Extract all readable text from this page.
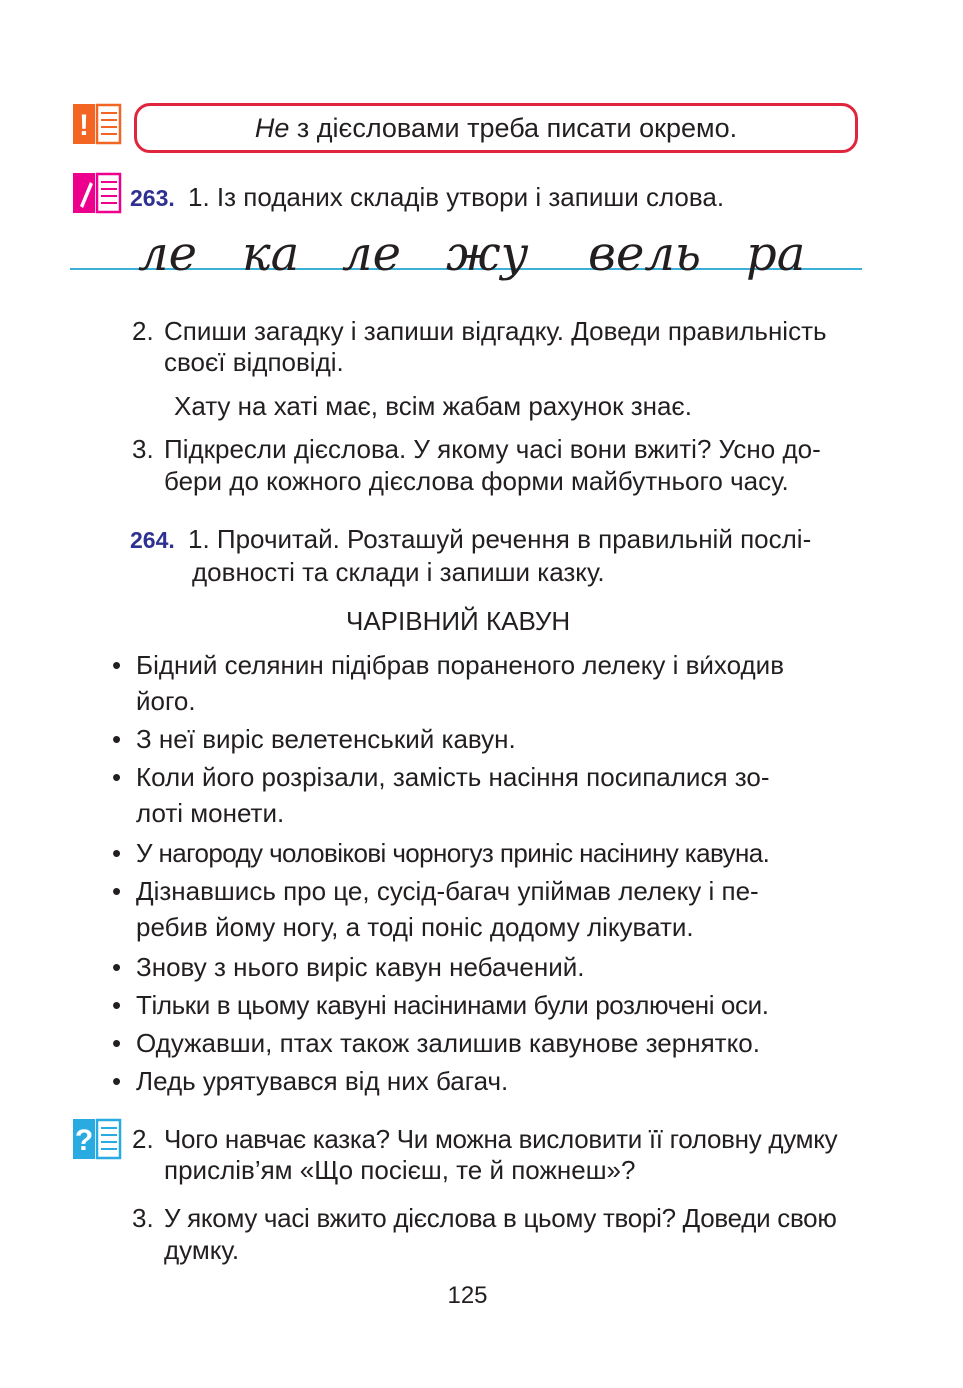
!	Не з дієсловами треба писати окремо.
263. 1. Із поданих складів утвори і запиши слова.
ле ка ле жу вель ра
2. Спиши загадку і запиши відгадку. Доведи правильність
своєї відповіді.
Хату на хаті має, всім жабам рахунок знає.
3. Підкресли дієслова. У якому часі вони вжиті? Усно до-
бери до кожного дієслова форми майбутнього часу.
264. 1. Прочитай. Розташуй речення в правильній послі-
довності та склади і запиши казку.
ЧАРІВНИЙ КАВУН
• Бідний селянин підібрав пораненого лелеку і ви́ходив
його.
• З неї виріс велетенський кавун.
• Коли його розрізали, замість насіння посипалися зо-
лоті монети.
• У нагороду чоловікові чорногуз приніс насінину кавуна.
• Дізнавшись про це, сусід-багач упіймав лелеку і пе-
ребив йому ногу, а тоді поніс додому лікувати.
• Знову з нього виріс кавун небачений.
• Тільки в цьому кавуні насінинами були розлючені оси.
• Одужавши, птах також залишив кавунове зернятко.
• Ледь урятувався від них багач.
? 2. Чого навчає казка? Чи можна висловити її головну думку
прислів’ям «Що посієш, те й пожнеш»?
3. У якому часі вжито дієслова в цьому творі? Доведи свою
думку.
125
